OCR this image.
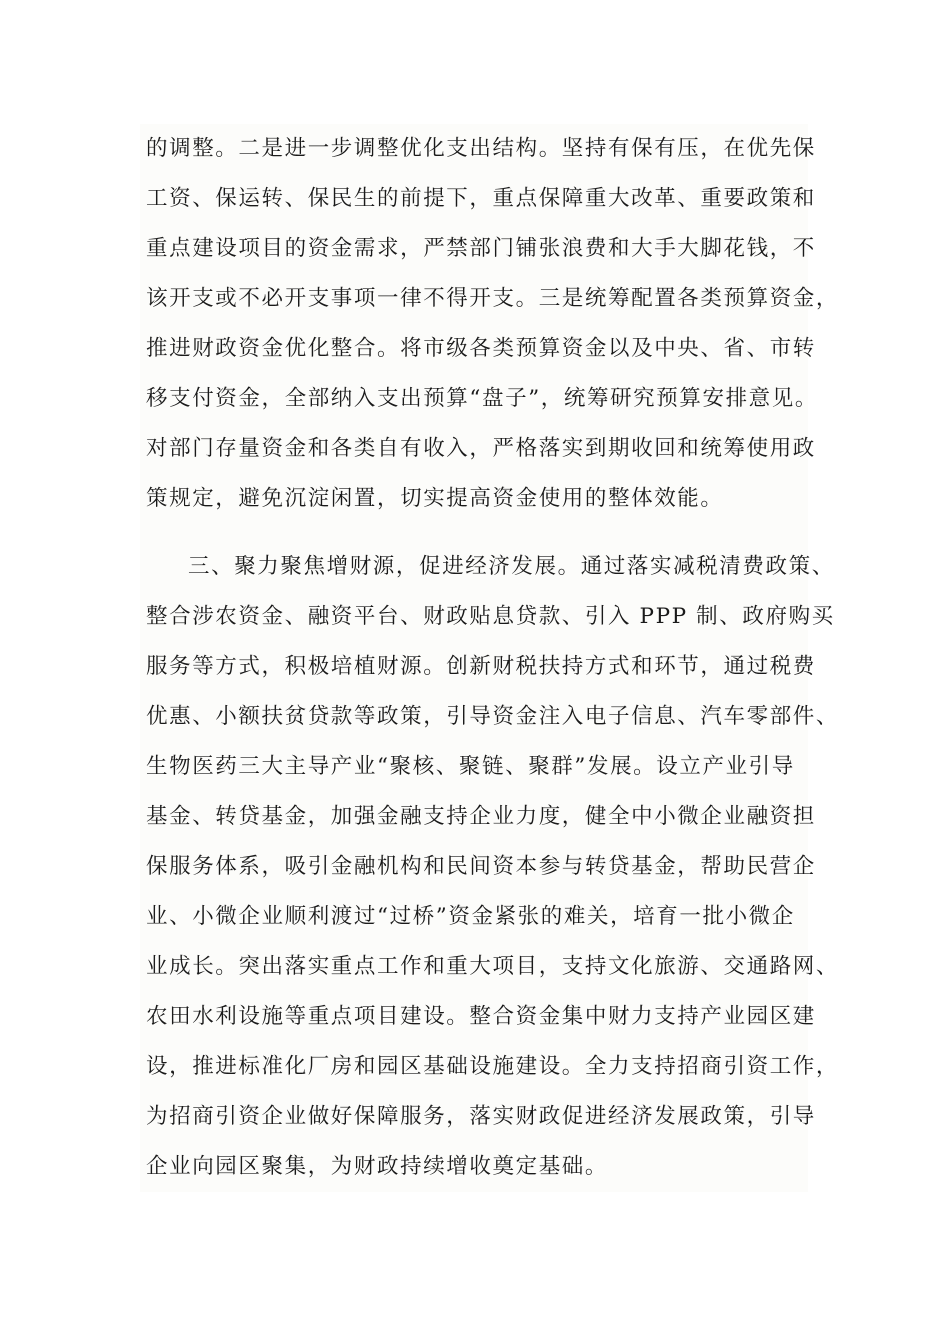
的调整。二是进一步调整优化支出结构。坚持有保有压，在优先保
工资、保运转、保民生的前提下，重点保障重大改革、重要政策和
重点建设项目的资金需求，严禁部门铺张浪费和大手大脚花钱，不
该开支或不必开支事项一律不得开支。三是统筹配置各类预算资金，
推进财政资金优化整合。将市级各类预算资金以及中央、省、市转
移支付资金，全部纳入支出预算“盘子”，统筹研究预算安排意见。
对部门存量资金和各类自有收入，严格落实到期收回和统筹使用政
策规定，避免沉淀闲置，切实提高资金使用的整体效能。
三、聚力聚焦增财源，促进经济发展。通过落实减税清费政策、
整合涉农资金、融资平台、财政贴息贷款、引入 PPP 制、政府购买
服务等方式，积极培植财源。创新财税扶持方式和环节，通过税费
优惠、小额扶贫贷款等政策，引导资金注入电子信息、汽车零部件、
生物医药三大主导产业“聚核、聚链、聚群”发展。设立产业引导
基金、转贷基金，加强金融支持企业力度，健全中小微企业融资担
保服务体系，吸引金融机构和民间资本参与转贷基金，帮助民营企
业、小微企业顺利渡过“过桥”资金紧张的难关，培育一批小微企
业成长。突出落实重点工作和重大项目，支持文化旅游、交通路网、
农田水利设施等重点项目建设。整合资金集中财力支持产业园区建
设，推进标准化厂房和园区基础设施建设。全力支持招商引资工作，
为招商引资企业做好保障服务，落实财政促进经济发展政策，引导
企业向园区聚集，为财政持续增收奠定基础。
